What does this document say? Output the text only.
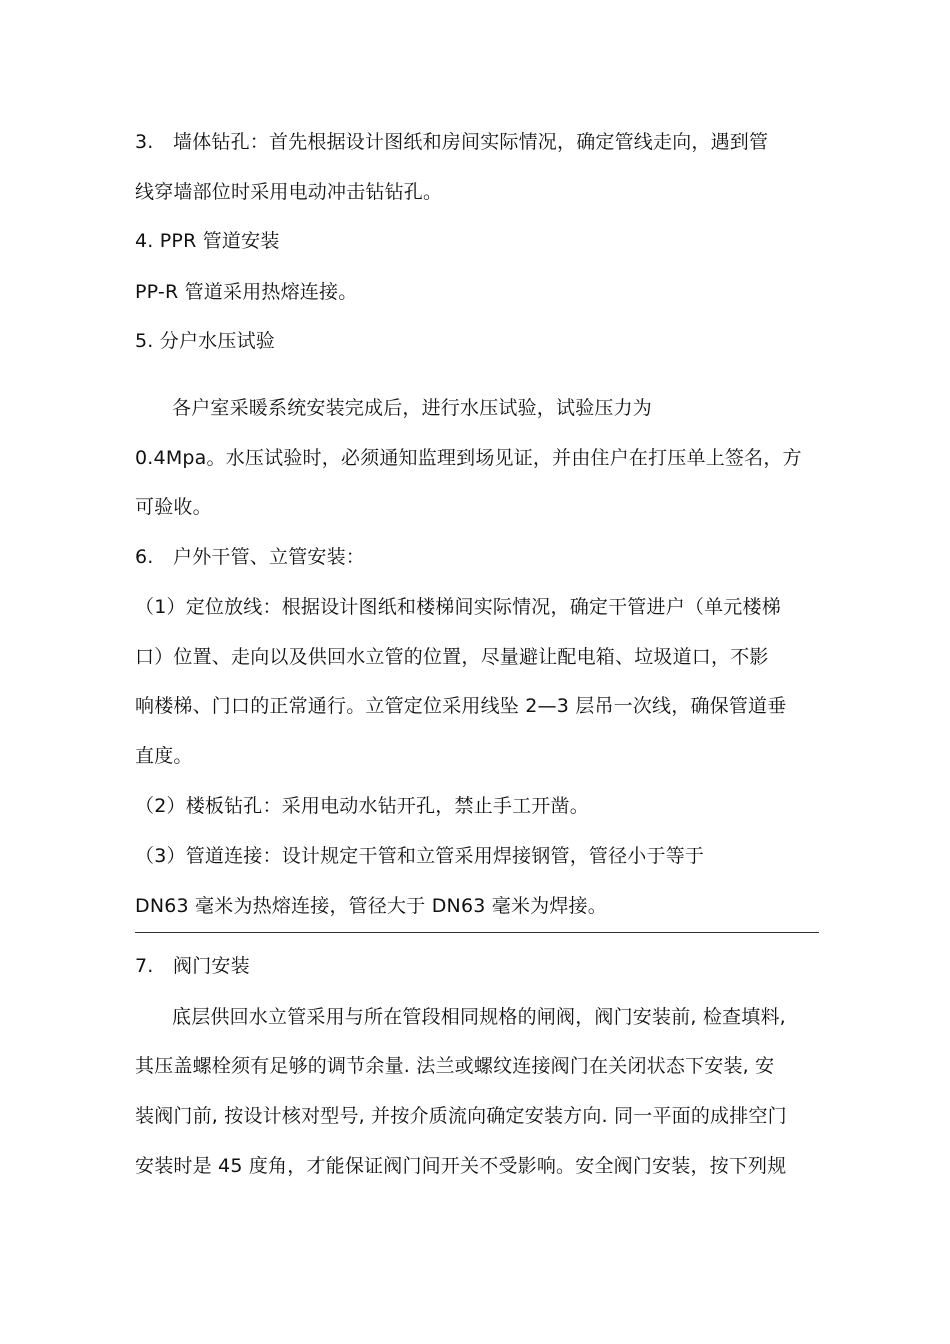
3. 墙体钻孔：首先根据设计图纸和房间实际情况，确定管线走向，遇到管
线穿墙部位时采用电动冲击钻钻孔。
4. PPR 管道安装
PP-R 管道采用热熔连接。
5. 分户水压试验
各户室采暖系统安装完成后，进行水压试验，试验压力为
0.4Mpa。水压试验时，必须通知监理到场见证，并由住户在打压单上签名，方
可验收。
6. 户外干管、立管安装：
（1）定位放线：根据设计图纸和楼梯间实际情况，确定干管进户（单元楼梯
口）位置、走向以及供回水立管的位置，尽量避让配电箱、垃圾道口，不影
响楼梯、门口的正常通行。立管定位采用线坠 2—3 层吊一次线，确保管道垂
直度。
（2）楼板钻孔：采用电动水钻开孔，禁止手工开凿。
（3）管道连接：设计规定干管和立管采用焊接钢管，管径小于等于
DN63 毫米为热熔连接，管径大于 DN63 毫米为焊接。
7. 阀门安装
底层供回水立管采用与所在管段相同规格的闸阀，阀门安装前, 检查填料,
其压盖螺栓须有足够的调节余量. 法兰或螺纹连接阀门在关闭状态下安装, 安
装阀门前, 按设计核对型号, 并按介质流向确定安装方向. 同一平面的成排空门
安装时是 45 度角，才能保证阀门间开关不受影响。安全阀门安装，按下列规
